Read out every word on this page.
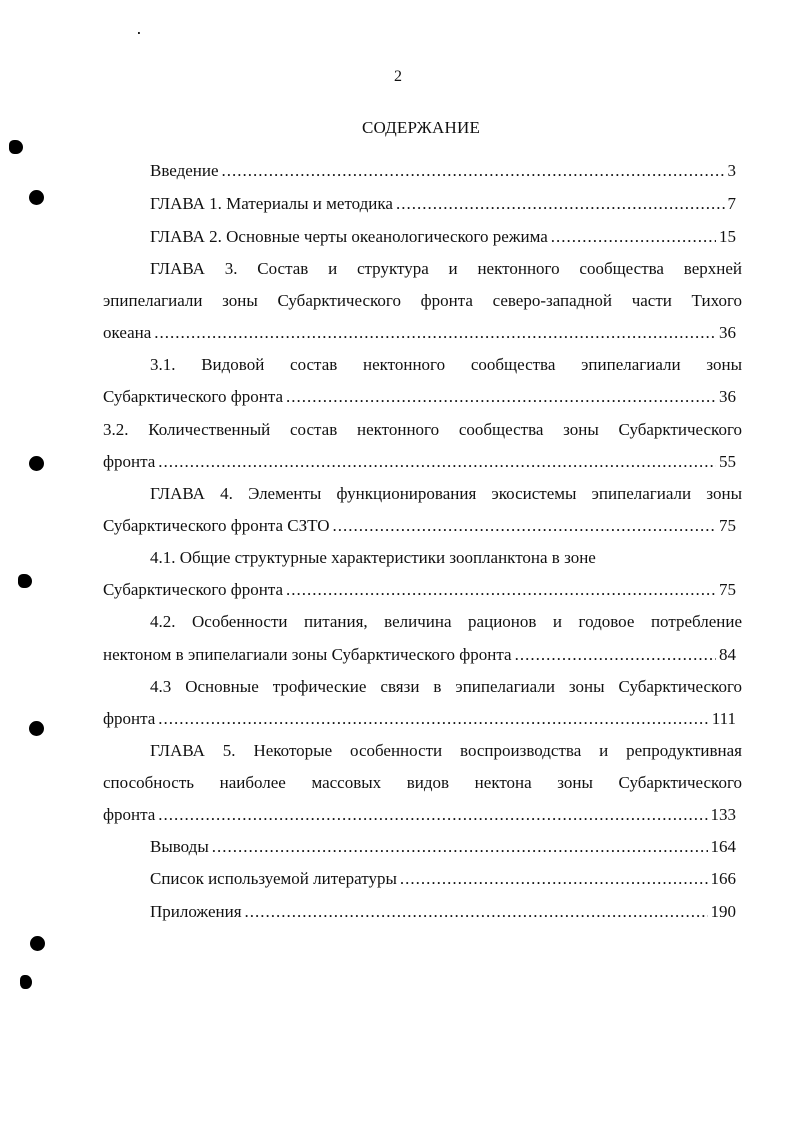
2
СОДЕРЖАНИЕ
Введение .....	3
ГЛАВА 1. Материалы и методика .....	7
ГЛАВА 2. Основные черты океанологического режима .....	15
ГЛАВА 3. Состав и структура и нектонного сообщества верхней
эпипелагиали зоны Субарктического фронта северо-западной части Тихого
океана .....	36
3.1. Видовой состав нектонного сообщества эпипелагиали зоны
Субарктического фронта .....	36
3.2. Количественный состав нектонного сообщества зоны Субарктического
фронта .....	55
ГЛАВА 4. Элементы функционирования экосистемы эпипелагиали зоны
Субарктического фронта СЗТО .....	75
4.1. Общие структурные характеристики зоопланктона в зоне
Субарктического фронта .....	75
4.2. Особенности питания, величина рационов и годовое потребление
нектоном в эпипелагиали зоны Субарктического фронта .....	84
4.3 Основные трофические связи в эпипелагиали зоны Субарктического
фронта .....	111
ГЛАВА 5. Некоторые особенности воспроизводства и репродуктивная
способность наиболее массовых видов нектона зоны Субарктического
фронта .....	133
Выводы .....	164
Список используемой литературы .....	166
Приложения .....	190
